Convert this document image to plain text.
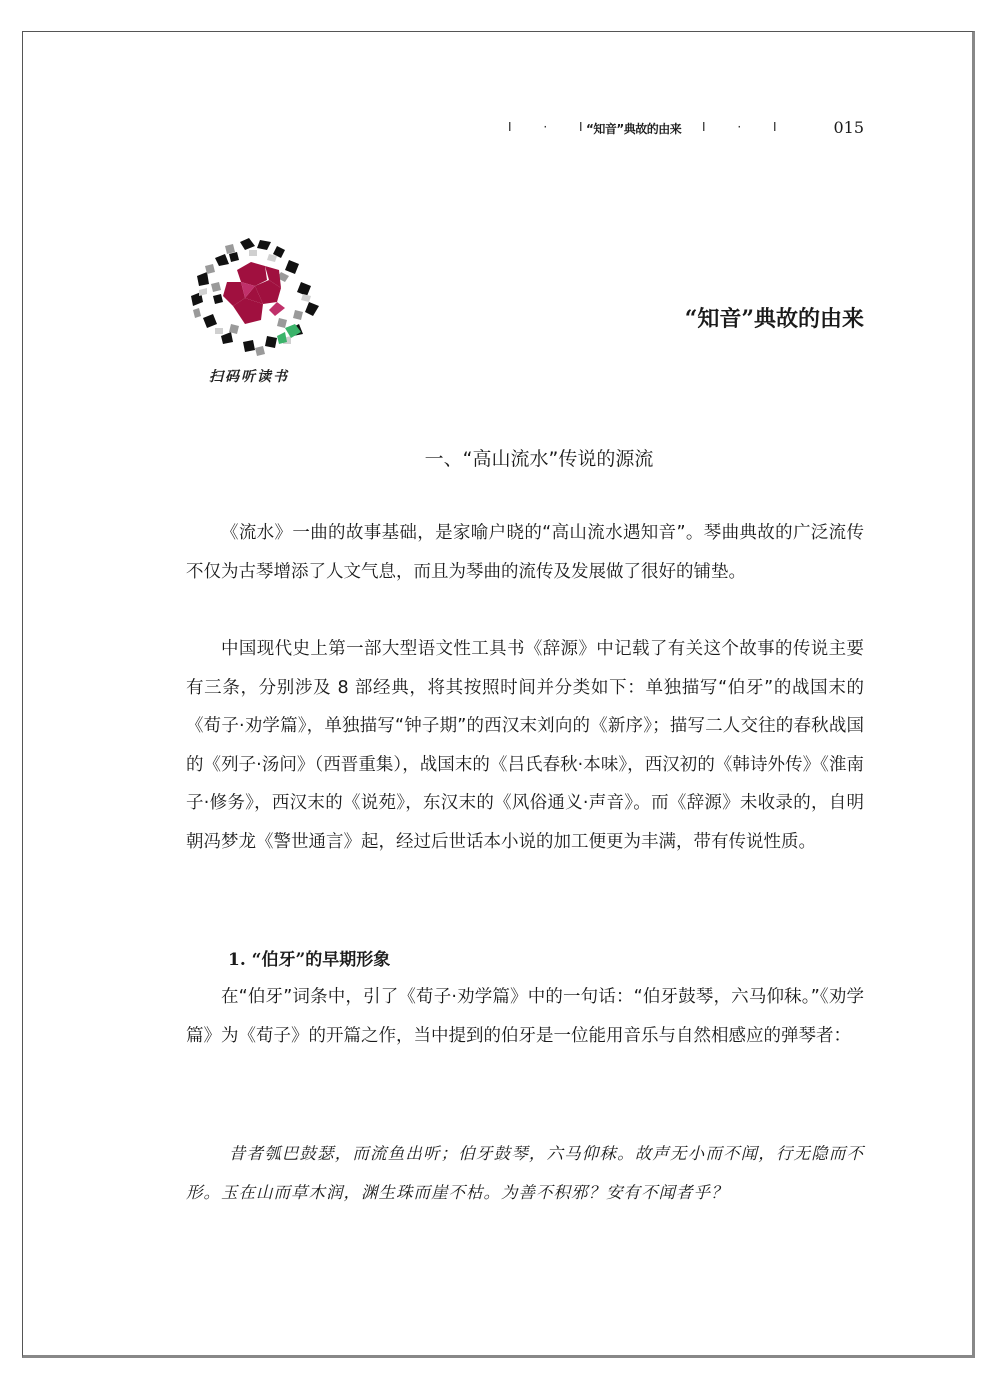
I · I
“知音”典故的由来 I · I	015
扫码听读书
“知音”典故的由来
一、“高山流水”传说的源流

《流水》一曲的故事基础，是家喻户晓的“高山流水遇知音”。琴曲典故的广泛流传不仅为古琴增添了人文气息，而且为琴曲的流传及发展做了很好的铺垫。

中国现代史上第一部大型语文性工具书《辞源》中记载了有关这个故事的传说主要有三条，分别涉及 8 部经典，将其按照时间并分类如下：单独描写“伯牙”的战国末的《荀子·劝学篇》，单独描写“钟子期”的西汉末刘向的《新序》；描写二人交往的春秋战国的《列子·汤问》（西晋重集），战国末的《吕氏春秋·本味》，西汉初的《韩诗外传》《淮南子·修务》，西汉末的《说苑》，东汉末的《风俗通义·声音》。而《辞源》未收录的，自明朝冯梦龙《警世通言》起，经过后世话本小说的加工便更为丰满，带有传说性质。

1. “伯牙”的早期形象

在“伯牙”词条中，引了《荀子·劝学篇》中的一句话：“伯牙鼓琴，六马仰秣。”《劝学篇》为《荀子》的开篇之作，当中提到的伯牙是一位能用音乐与自然相感应的弹琴者：

昔者瓠巴鼓瑟，而流鱼出听；伯牙鼓琴，六马仰秣。故声无小而不闻，行无隐而不形。玉在山而草木润，渊生珠而崖不枯。为善不积邪？安有不闻者乎？
